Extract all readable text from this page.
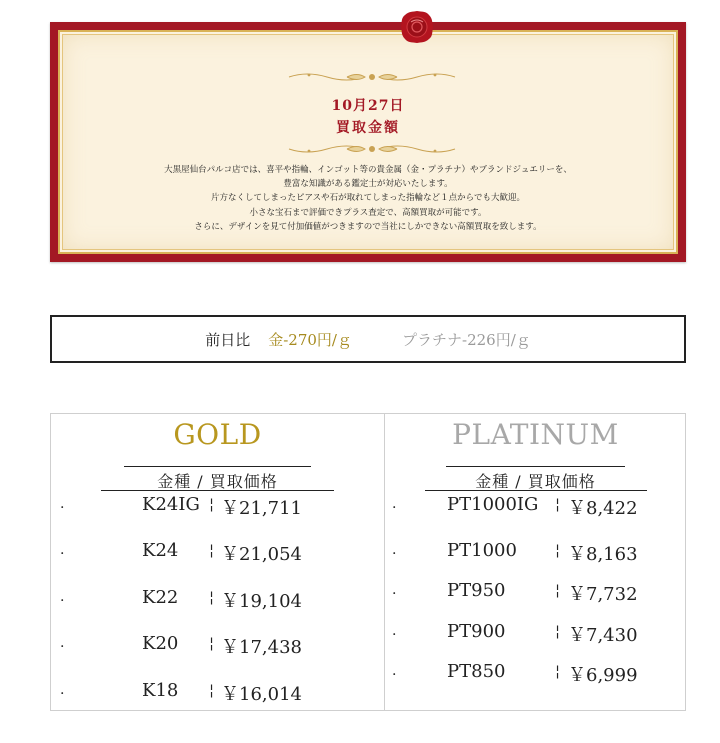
10月27日
買取金額
大黒屋仙台パルコ店では、喜平や指輪、インゴット等の貴金属（金・プラチナ）やブランドジュエリーを、
豊富な知識がある鑑定士が対応いたします。
片方なくしてしまったピアスや石が取れてしまった指輪など１点からでも大歓迎。
小さな宝石まで評価できプラス査定で、高額買取が可能です。
さらに、デザインを見て付加価値がつきますので当社にしかできない高額買取を致します。
前日比 金-270円/ｇ	プラチナ-226円/ｇ
GOLD
金種 / 買取価格
.	K24IG ¦ ￥21,711
.	K24 ¦ ￥21,054
.	K22 ¦ ￥19,104
.	K20 ¦ ￥17,438
.	K18 ¦ ￥16,014
PLATINUM
金種 / 買取価格
.	PT1000IG ¦ ￥8,422
.	PT1000	¦ ￥8,163
.	PT950	¦ ￥7,732
.	PT900	¦ ￥7,430
.	PT850	¦ ￥6,999
